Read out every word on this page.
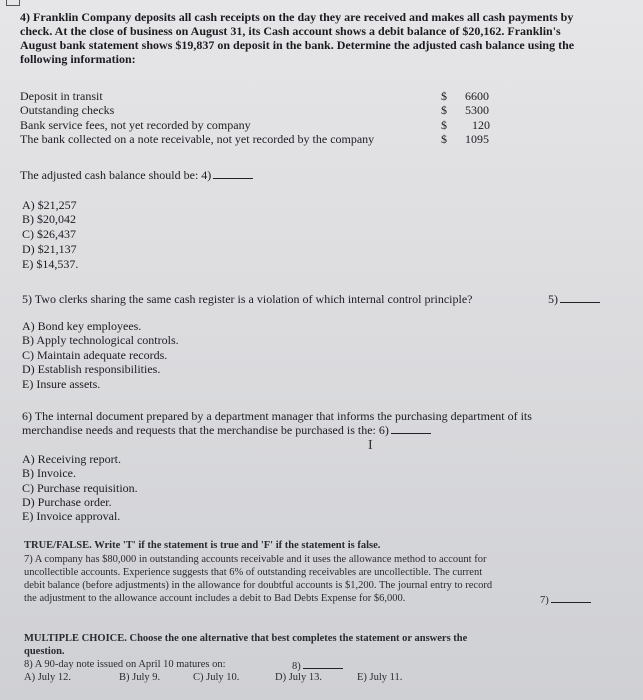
4) Franklin Company deposits all cash receipts on the day they are received and makes all cash payments by
check. At the close of business on August 31, its Cash account shows a debit balance of $20,162. Franklin's
August bank statement shows $19,837 on deposit in the bank. Determine the adjusted cash balance using the
following information:
Deposit in transit	$ 6600
Outstanding checks	$ 5300
Bank service fees, not yet recorded by company	$ 120
The bank collected on a note receivable, not yet recorded by the company	$ 1095
The adjusted cash balance should be: 4)
A) $21,257
B) $20,042
C) $26,437
D) $21,137
E) $14,537.
5) Two clerks sharing the same cash register is a violation of which internal control principle?	5)
A) Bond key employees.
B) Apply technological controls.
C) Maintain adequate records.
D) Establish responsibilities.
E) Insure assets.
6) The internal document prepared by a department manager that informs the purchasing department of its
merchandise needs and requests that the merchandise be purchased is the: 6)
I
A) Receiving report.
B) Invoice.
C) Purchase requisition.
D) Purchase order.
E) Invoice approval.
TRUE/FALSE. Write 'T' if the statement is true and 'F' if the statement is false.
7) A company has $80,000 in outstanding accounts receivable and it uses the allowance method to account for
uncollectible accounts. Experience suggests that 6% of outstanding receivables are uncollectible. The current
debit balance (before adjustments) in the allowance for doubtful accounts is $1,200. The journal entry to record
the adjustment to the allowance account includes a debit to Bad Debts Expense for $6,000.	7)
MULTIPLE CHOICE. Choose the one alternative that best completes the statement or answers the
question.
8) A 90-day note issued on April 10 matures on:	8)
A) July 12.	B) July 9.	C) July 10.	D) July 13.	E) July 11.
